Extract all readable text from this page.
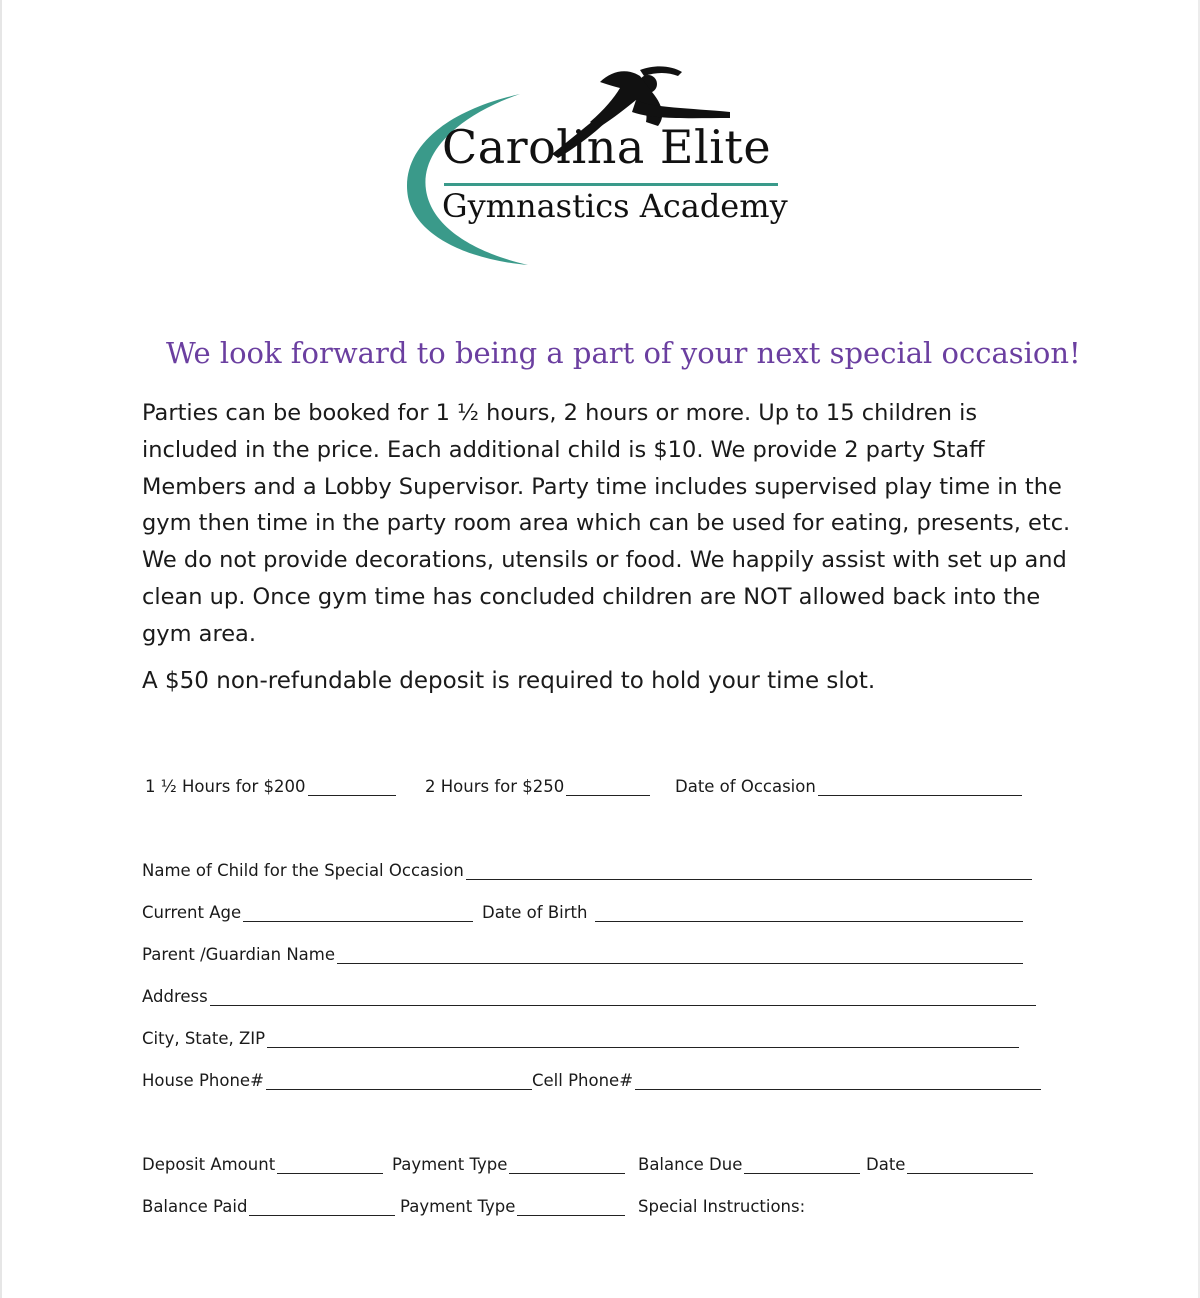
Carolina Elite
Gymnastics Academy
We look forward to being a part of your next special occasion!
Parties can be booked for 1 ½ hours, 2 hours or more. Up to 15 children is included in the price. Each additional child is $10. We provide 2 party Staff Members and a Lobby Supervisor. Party time includes supervised play time in the gym then time in the party room area which can be used for eating, presents, etc. We do not provide decorations, utensils or food. We happily assist with set up and clean up. Once gym time has concluded children are NOT allowed back into the gym area.
A $50 non-refundable deposit is required to hold your time slot.
1 ½ Hours for $200	2 Hours for $250	Date of Occasion
Name of Child for the Special Occasion
Current Age	Date of Birth
Parent /Guardian Name
Address
City, State, ZIP
House Phone#	Cell Phone#
Deposit Amount	Payment Type	Balance Due	Date
Balance Paid	Payment Type	Special Instructions:
